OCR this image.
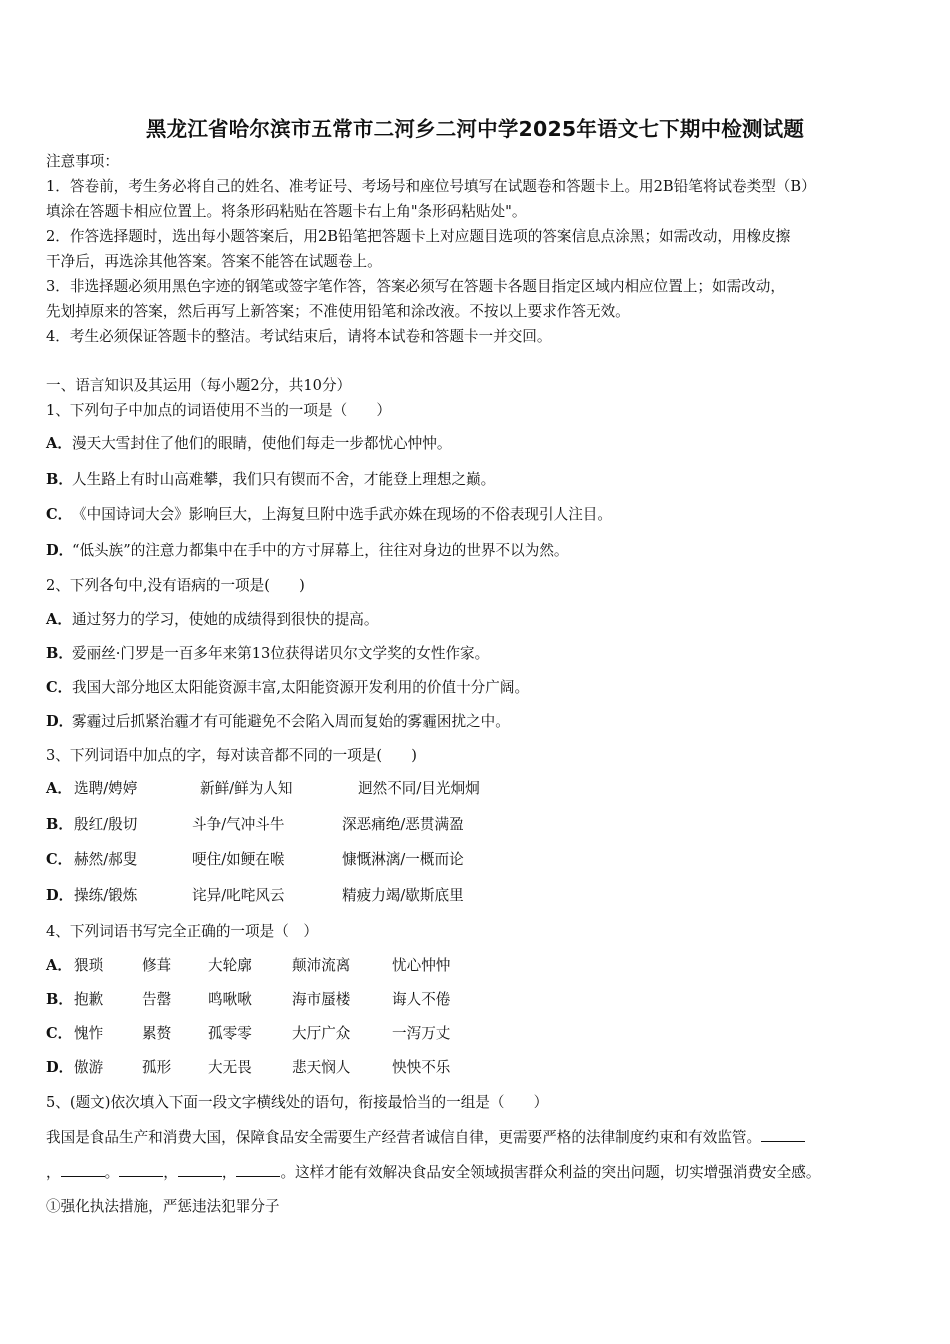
黑龙江省哈尔滨市五常市二河乡二河中学2025年语文七下期中检测试题
注意事项：
1．答卷前，考生务必将自己的姓名、准考证号、考场号和座位号填写在试题卷和答题卡上。用2B铅笔将试卷类型（B）
填涂在答题卡相应位置上。将条形码粘贴在答题卡右上角"条形码粘贴处"。
2．作答选择题时，选出每小题答案后，用2B铅笔把答题卡上对应题目选项的答案信息点涂黑；如需改动，用橡皮擦
干净后，再选涂其他答案。答案不能答在试题卷上。
3．非选择题必须用黑色字迹的钢笔或签字笔作答，答案必须写在答题卡各题目指定区域内相应位置上；如需改动，
先划掉原来的答案，然后再写上新答案；不准使用铅笔和涂改液。不按以上要求作答无效。
4．考生必须保证答题卡的整洁。考试结束后，请将本试卷和答题卡一并交回。
一、语言知识及其运用（每小题2分，共10分）
1、下列句子中加点的词语使用不当的一项是（　　）
A．漫天大雪封住了他们的眼睛，使他们每走一步都忧心忡忡。
B．人生路上有时山高难攀，我们只有锲而不舍，才能登上理想之巅。
C．《中国诗词大会》影响巨大，上海复旦附中选手武亦姝在现场的不俗表现引人注目。
D．“低头族”的注意力都集中在手中的方寸屏幕上，往往对身边的世界不以为然。
2、下列各句中,没有语病的一项是(　　)
A．通过努力的学习，使她的成绩得到很快的提高。
B．爱丽丝·门罗是一百多年来第13位获得诺贝尔文学奖的女性作家。
C．我国大部分地区太阳能资源丰富,太阳能资源开发利用的价值十分广阔。
D．雾霾过后抓紧治霾才有可能避免不会陷入周而复始的雾霾困扰之中。
3、下列词语中加点的字，每对读音都不同的一项是(　　)
A． 选聘/娉婷	新鲜/鲜为人知	迥然不同/目光炯炯
B． 殷红/殷切	斗争/气冲斗牛	深恶痛绝/恶贯满盈
C． 赫然/郝叟	哽住/如鲠在喉	慷慨淋漓/一概而论
D． 操练/锻炼	诧异/叱咤风云	精疲力竭/歇斯底里
4、下列词语书写完全正确的一项是（　）
A． 猥琐	修葺	大轮廓	颠沛流离	忧心忡忡
B． 抱歉	告罄	鸣啾啾	海市蜃楼	诲人不倦
C． 愧怍	累赘	孤零零	大厅广众	一泻万丈
D． 傲游	孤形	大无畏	悲天悯人	怏怏不乐
5、(题文)依次填入下面一段文字横线处的语句，衔接最恰当的一组是（　　）
我国是食品生产和消费大国，保障食品安全需要生产经营者诚信自律，更需要严格的法律制度约束和有效监管。
，	。	，	，	。这样才能有效解决食品安全领域损害群众利益的突出问题，切实增强消费安全感。
①强化执法措施，严惩违法犯罪分子
